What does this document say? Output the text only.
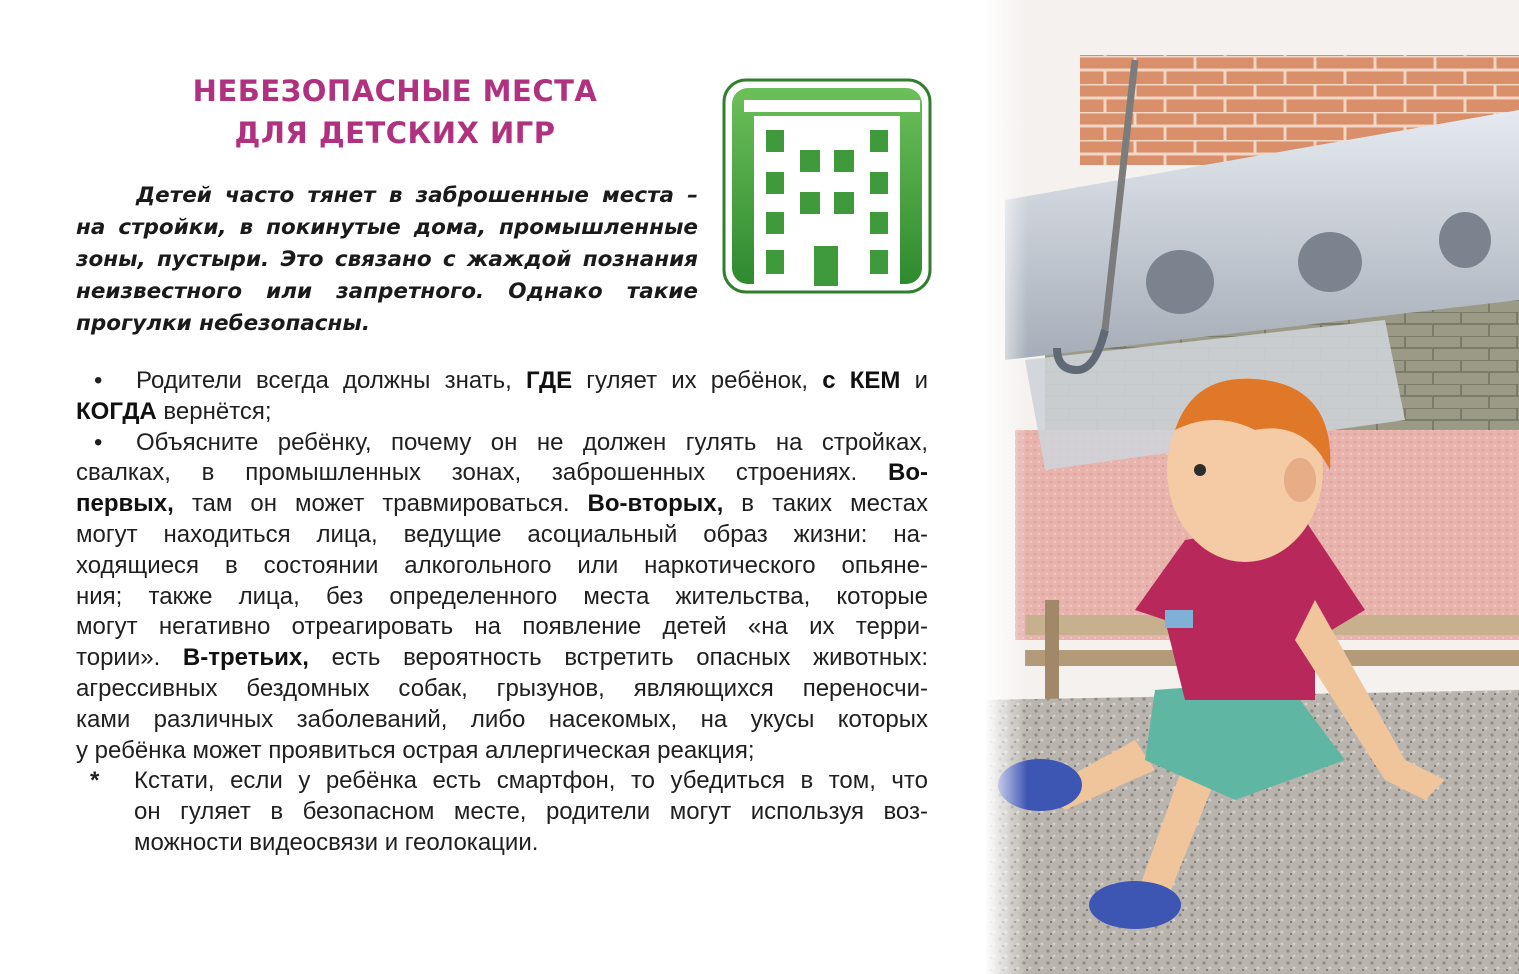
НЕБЕЗОПАСНЫЕ МЕСТА
ДЛЯ ДЕТСКИХ ИГР
Детей часто тянет в заброшенные места –
на стройки, в покинутые дома, промышленные
зоны, пустыри. Это связано с жаждой познания
неизвестного или запретного. Однако такие
прогулки небезопасны.
• Родители всегда должны знать, ГДЕ гуляет их ребёнок, с КЕМ и
КОГДА вернётся;
• Объясните ребёнку, почему он не должен гулять на стройках,
свалках, в промышленных зонах, заброшенных строениях. Во-
первых, там он может травмироваться. Во-вторых, в таких местах
могут находиться лица, ведущие асоциальный образ жизни: на-
ходящиеся в состоянии алкогольного или наркотического опьяне-
ния; также лица, без определенного места жительства, которые
могут негативно отреагировать на появление детей «на их терри-
тории». В-третьих, есть вероятность встретить опасных животных:
агрессивных бездомных собак, грызунов, являющихся переносчи-
ками различных заболеваний, либо насекомых, на укусы которых
у ребёнка может проявиться острая аллергическая реакция;
* Кстати, если у ребёнка есть смартфон, то убедиться в том, что
он гуляет в безопасном месте, родители могут используя воз-
можности видеосвязи и геолокации.
